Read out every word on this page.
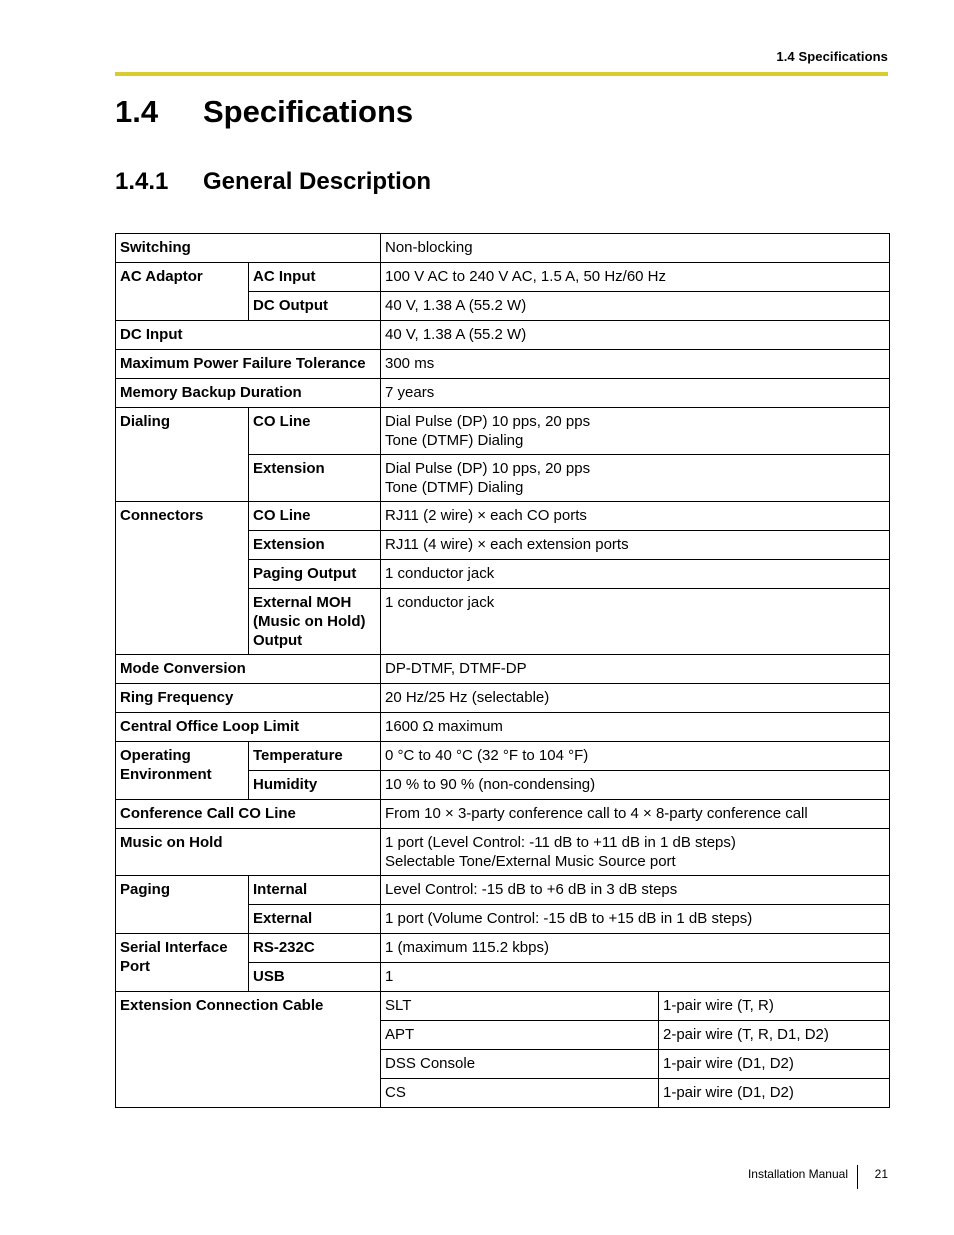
1.4 Specifications
1.4 Specifications
1.4.1 General Description
Switching		Non-blocking	
AC Adaptor	AC Input	100 V AC to 240 V AC, 1.5 A, 50 Hz/60 Hz	
	DC Output	40 V, 1.38 A (55.2 W)	
DC Input		40 V, 1.38 A (55.2 W)	
Maximum Power Failure Tolerance		300 ms	
Memory Backup Duration		7 years	
Dialing	CO Line	Dial Pulse (DP) 10 pps, 20 pps
Tone (DTMF) Dialing	

	Extension	Dial Pulse (DP) 10 pps, 20 pps
Tone (DTMF) Dialing	

Connectors	CO Line	RJ11 (2 wire) × each CO ports	
	Extension	RJ11 (4 wire) × each extension ports	
	Paging Output	1 conductor jack	

	External MOH
(Music on Hold)
Output	1 conductor jack	
Mode Conversion		DP-DTMF, DTMF-DP	
Ring Frequency		20 Hz/25 Hz (selectable)	
Central Office Loop Limit		1600 Ω maximum	

Operating
Environment	Temperature	0 °C to 40 °C (32 °F to 104 °F)	
	Humidity	10 % to 90 % (non-condensing)	
Conference Call CO Line		From 10 × 3-party conference call to 4 × 8-party conference call	
Music on Hold		1 port (Level Control: -11 dB to +11 dB in 1 dB steps)
Selectable Tone/External Music Source port	

Paging	Internal	Level Control: -15 dB to +6 dB in 3 dB steps	
	External	1 port (Volume Control: -15 dB to +15 dB in 1 dB steps)	

Serial Interface
Port	RS-232C	1 (maximum 115.2 kbps)	
	USB	1	
Extension Connection Cable		SLT	1-pair wire (T, R)
		APT	2-pair wire (T, R, D1, D2)
		DSS Console	1-pair wire (D1, D2)
		CS	1-pair wire (D1, D2)
Installation Manual 21
